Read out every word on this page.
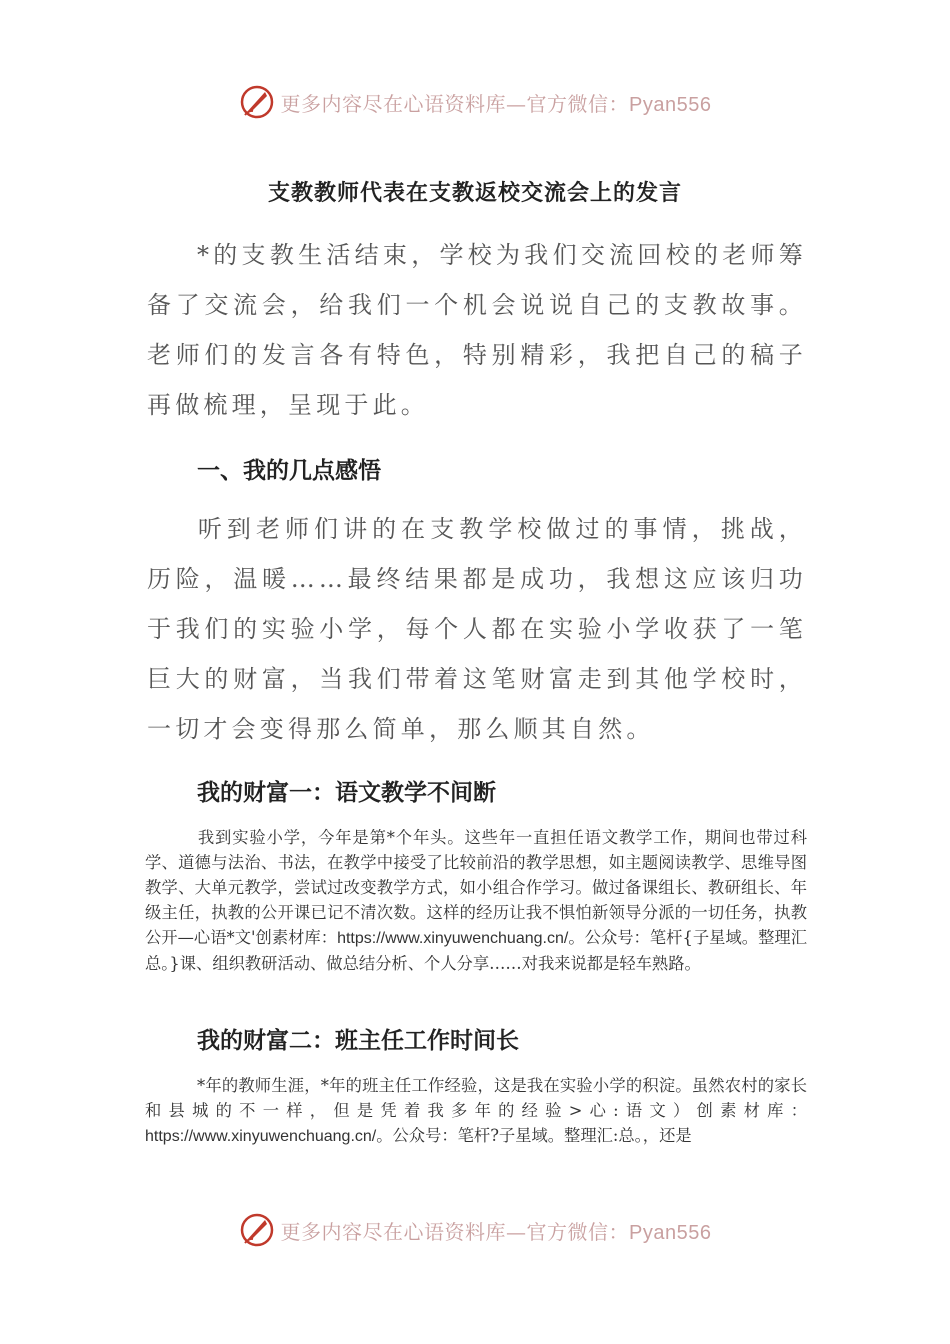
更多内容尽在心语资料库—官方微信：Pyan556
支教教师代表在支教返校交流会上的发言
*的支教生活结束，学校为我们交流回校的老师筹备了交流会，给我们一个机会说说自己的支教故事。老师们的发言各有特色，特别精彩，我把自己的稿子再做梳理，呈现于此。
一、我的几点感悟
听到老师们讲的在支教学校做过的事情，挑战，历险，温暖……最终结果都是成功，我想这应该归功于我们的实验小学，每个人都在实验小学收获了一笔巨大的财富，当我们带着这笔财富走到其他学校时，一切才会变得那么简单，那么顺其自然。
我的财富一：语文教学不间断
我到实验小学，今年是第*个年头。这些年一直担任语文教学工作，期间也带过科学、道德与法治、书法，在教学中接受了比较前沿的教学思想，如主题阅读教学、思维导图教学、大单元教学，尝试过改变教学方式，如小组合作学习。做过备课组长、教研组长、年级主任，执教的公开课已记不清次数。这样的经历让我不惧怕新领导分派的一切任务，执教公开—心语*文'创素材库：https://www.xinyuwenchuang.cn/。公众号：笔杆{子星域。整理汇总。}课、组织教研活动、做总结分析、个人分享……对我来说都是轻车熟路。
我的财富二：班主任工作时间长
*年的教师生涯，*年的班主任工作经验，这是我在实验小学的积淀。虽然农村的家长和县城的不一样，但是凭着我多年的经验>心:语文）创素材库：https://www.xinyuwenchuang.cn/。公众号：笔杆?子星域。整理汇:总。，还是
更多内容尽在心语资料库—官方微信：Pyan556
